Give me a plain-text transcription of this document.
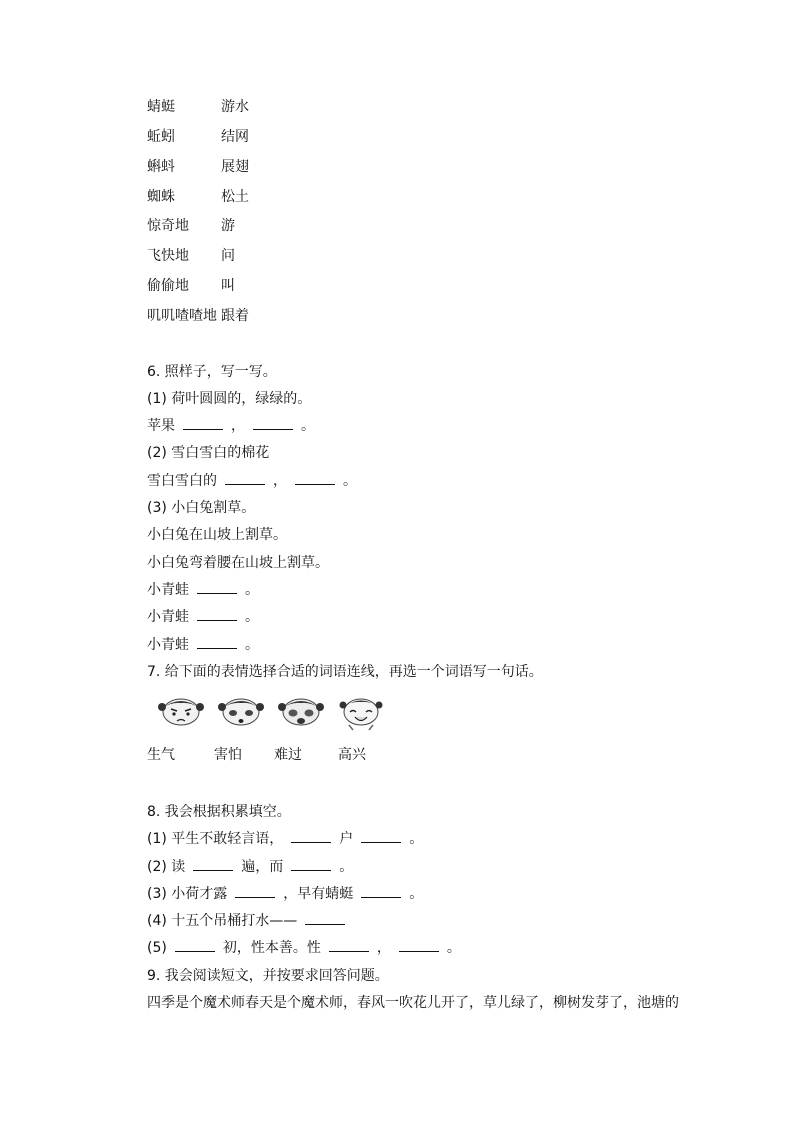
蜻蜓	游水
蚯蚓	结网
蝌蚪	展翅
蜘蛛	松土
惊奇地 游
飞快地 问
偷偷地 叫
叽叽喳喳地 跟着
6. 照样子，写一写。
(1) 荷叶圆圆的，绿绿的。
苹果	，	。
(2) 雪白雪白的棉花
雪白雪白的	，	。
(3) 小白兔割草。
小白兔在山坡上割草。
小白兔弯着腰在山坡上割草。
小青蛙	。
小青蛙	。
小青蛙	。
7. 给下面的表情选择合适的词语连线，再选一个词语写一句话。
生气	害怕 难过	高兴
8. 我会根据积累填空。
(1) 平生不敢轻言语，	户	。
(2) 读	遍，而	。
(3) 小荷才露	，早有蜻蜓	。
(4) 十五个吊桶打水——
(5)	初，性本善。性	，	。
9. 我会阅读短文，并按要求回答问题。
四季是个魔术师春天是个魔术师，春风一吹花儿开了，草儿绿了，柳树发芽了，池塘的
